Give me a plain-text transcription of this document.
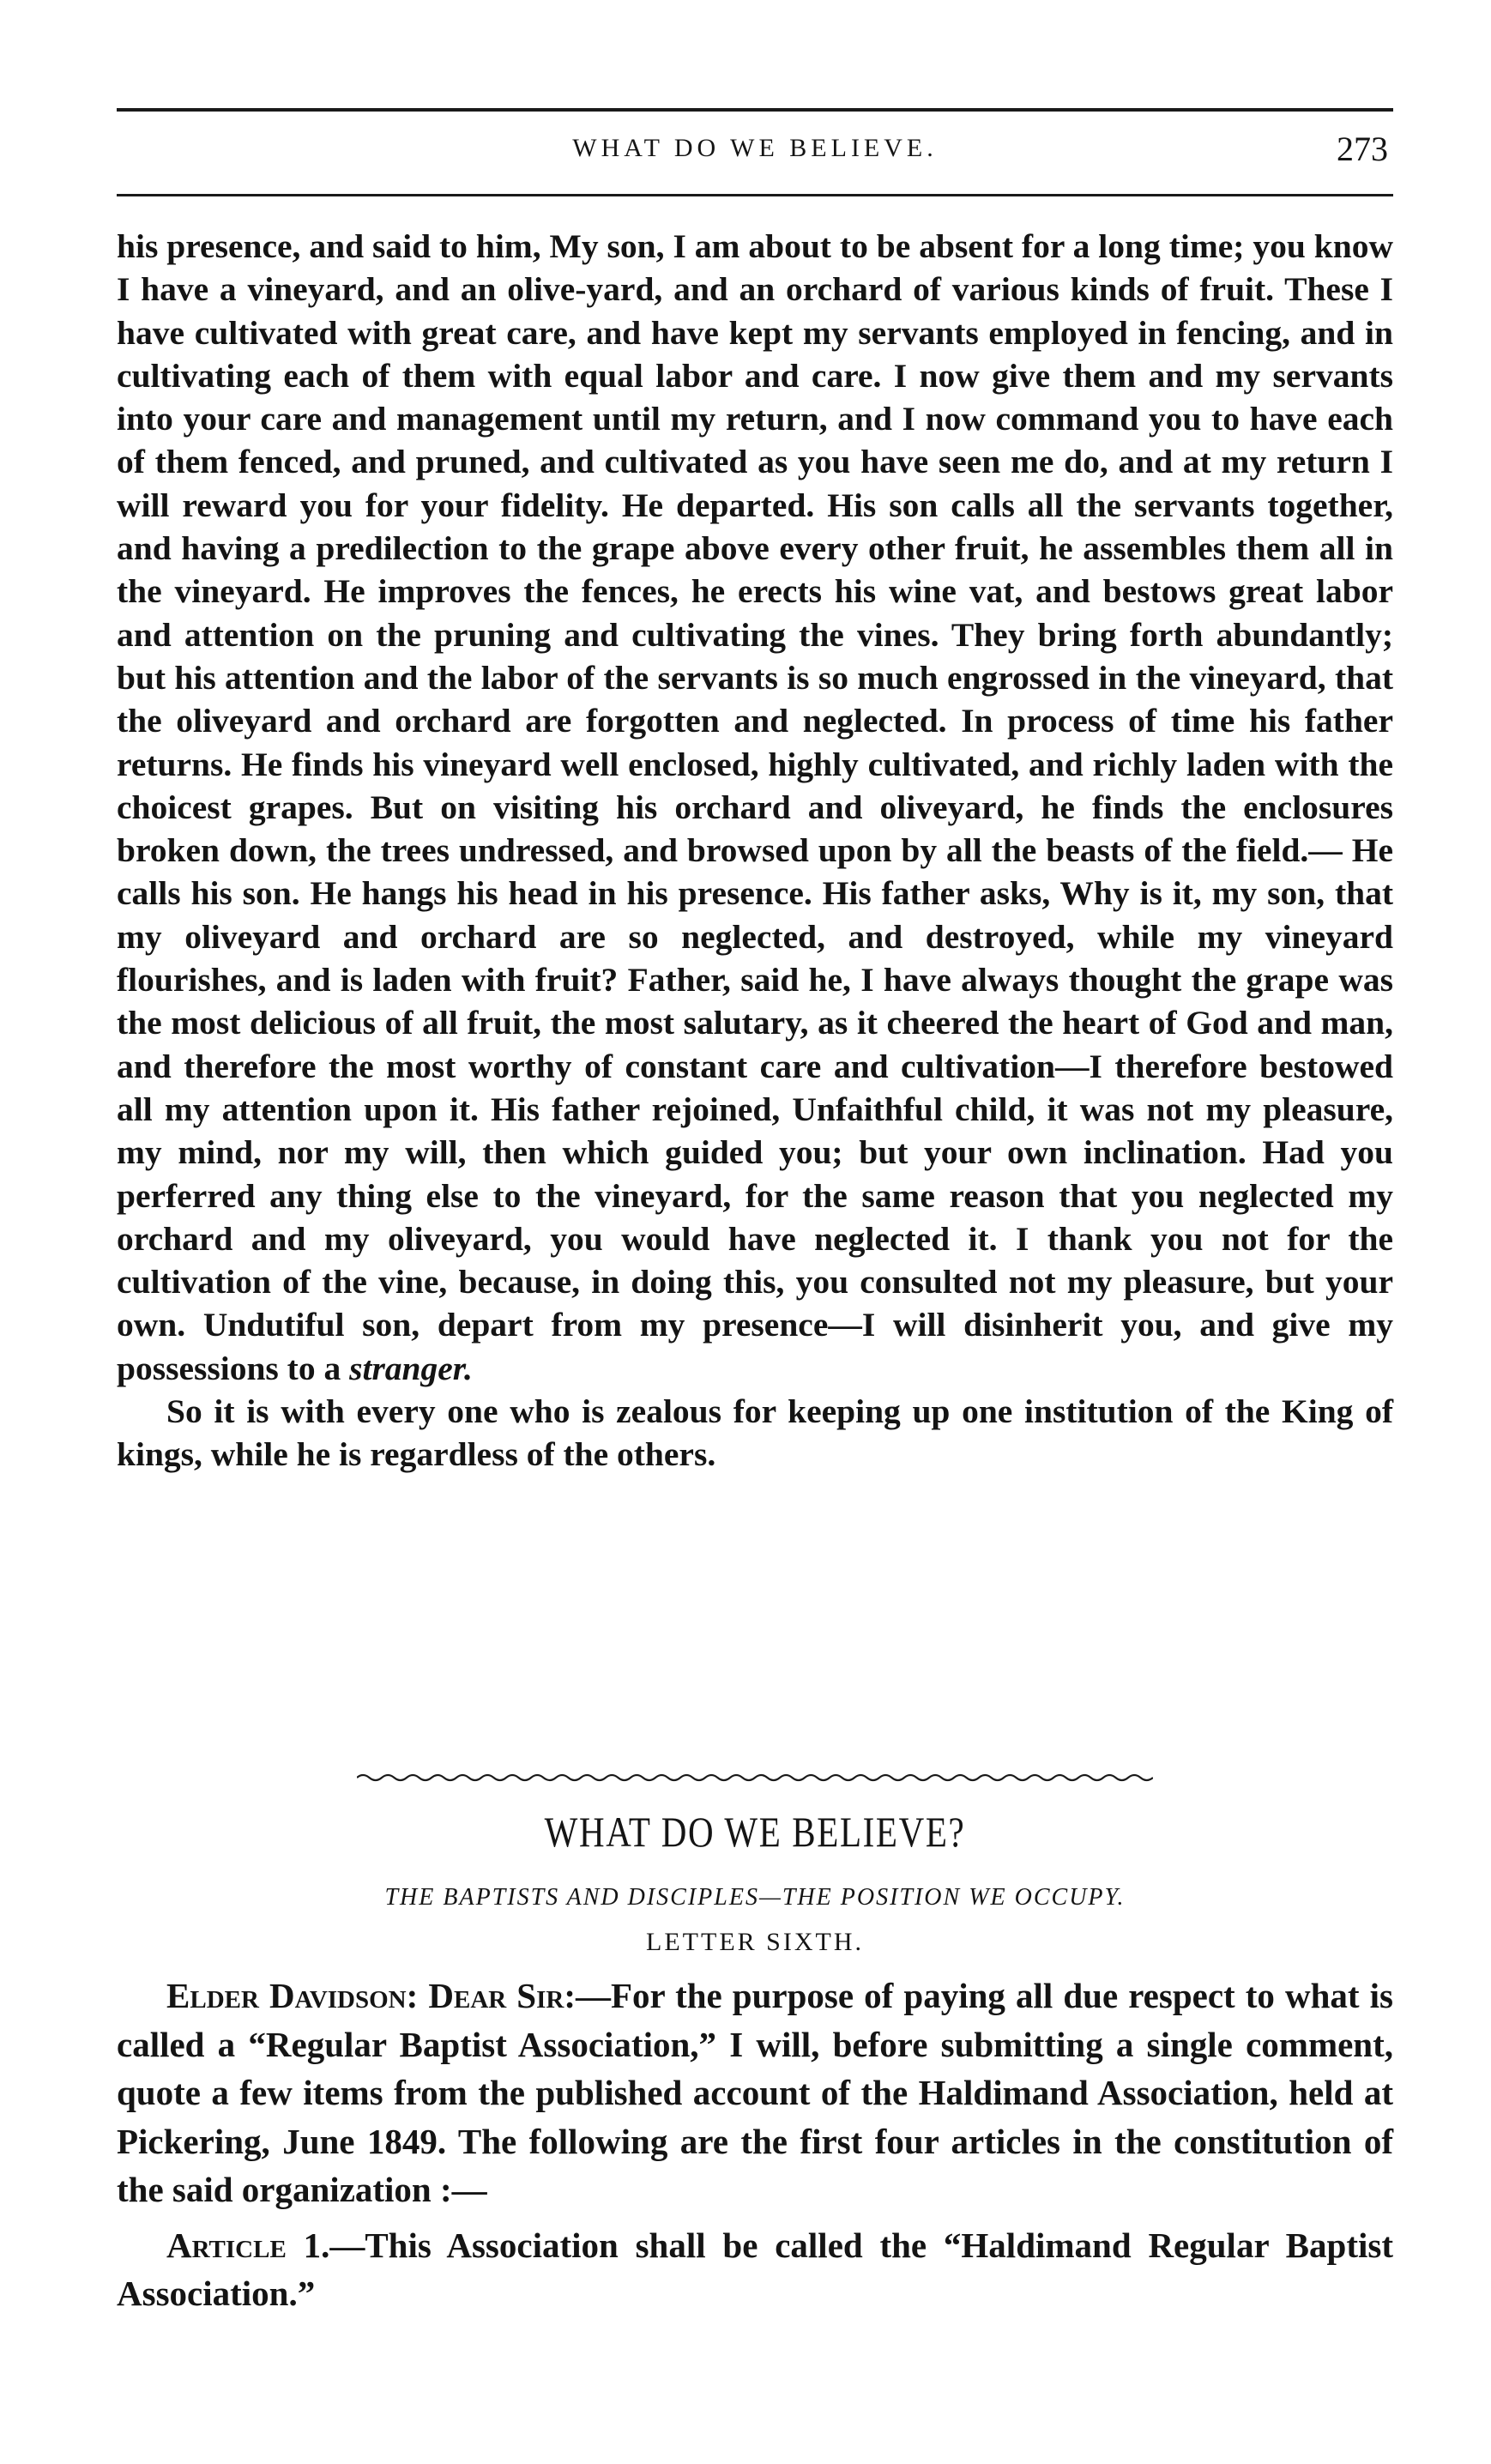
WHAT DO WE BELIEVE.	273

his presence, and said to him, My son, I am about to be absent for a long time; you know I have a vineyard, and an olive-yard, and an orchard of various kinds of fruit. These I have cultivated with great care, and have kept my servants employed in fencing, and in cultivating each of them with equal labor and care. I now give them and my servants into your care and management until my return, and I now command you to have each of them fenced, and pruned, and cultivated as you have seen me do, and at my return I will reward you for your fidelity. He departed. His son calls all the servants together, and having a predilection to the grape above every other fruit, he assembles them all in the vineyard. He improves the fences, he erects his wine vat, and bestows great labor and attention on the pruning and cultivating the vines. They bring forth abundantly; but his attention and the labor of the servants is so much engrossed in the vineyard, that the oliveyard and orchard are forgotten and neglected. In process of time his father returns. He finds his vineyard well enclosed, highly cultivated, and richly laden with the choicest grapes. But on visiting his orchard and oliveyard, he finds the enclosures broken down, the trees undressed, and browsed upon by all the beasts of the field.— He calls his son. He hangs his head in his presence. His father asks, Why is it, my son, that my oliveyard and orchard are so neglected, and destroyed, while my vineyard flourishes, and is laden with fruit? Father, said he, I have always thought the grape was the most delicious of all fruit, the most salutary, as it cheered the heart of God and man, and therefore the most worthy of constant care and cultivation—I therefore bestowed all my attention upon it. His father rejoined, Unfaithful child, it was not my pleasure, my mind, nor my will, then which guided you; but your own inclination. Had you perferred any thing else to the vineyard, for the same reason that you neglected my orchard and my oliveyard, you would have neglected it. I thank you not for the cultivation of the vine, because, in doing this, you consulted not my pleasure, but your own. Undutiful son, depart from my presence—I will disinherit you, and give my possessions to a stranger.

So it is with every one who is zealous for keeping up one institution of the King of kings, while he is regardless of the others.

WHAT DO WE BELIEVE?
THE BAPTISTS AND DISCIPLES—THE POSITION WE OCCUPY.
LETTER SIXTH.

Elder Davidson: Dear Sir:—For the purpose of paying all due respect to what is called a “Regular Baptist Association,” I will, before submitting a single comment, quote a few items from the published account of the Haldimand Association, held at Pickering, June 1849. The following are the first four articles in the constitution of the said organization :—

Article 1.—This Association shall be called the “Haldimand Regular Baptist Association.”
